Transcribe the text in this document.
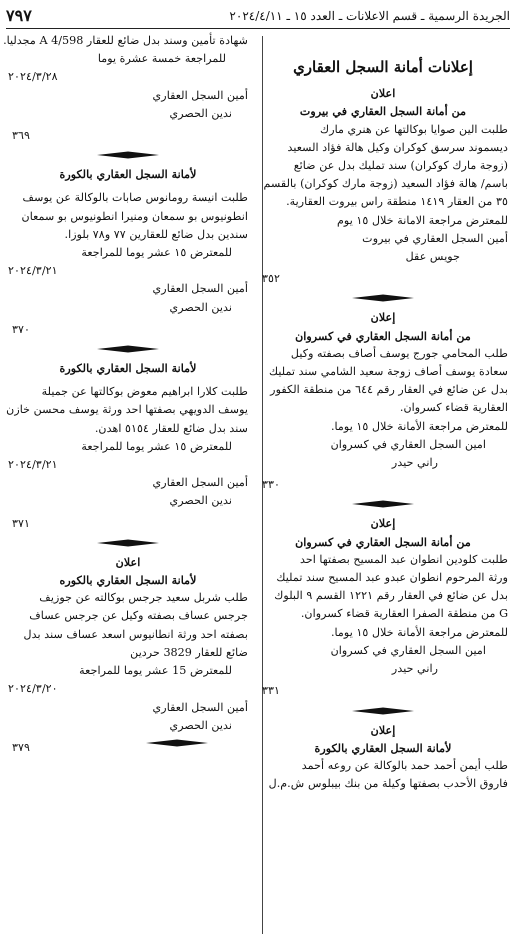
الجريدة الرسمية ـ قسم الاعلانات ـ العدد ١٥ ـ ٢٠٢٤/٤/١١
٧٩٧
إعلانات أمانة السجل العقاري
اعلان
من أمانة السجل العقاري في بيروت
طلبت الين صوايا بوكالتها عن هنري مارك
ديسموند سرسق كوكران وكيل هالة فؤاد السعيد
(زوجة مارك كوكران) سند تمليك بدل عن ضائع
باسم/ هالة فؤاد السعيد (زوجة مارك كوكران) بالقسم
٣٥ من العقار ١٤١٩ منطقة راس بيروت العقارية.
للمعترض مراجعة الامانة خلال ١٥ يوم
أمين السجل العقاري في بيروت
جويس عقل
٣٥٢
إعلان
من أمانة السجل العقاري في كسروان
طلب المحامي جورج يوسف أصاف بصفته وكيل
سعادة يوسف أصاف زوجة سعيد الشامي سند تمليك
بدل عن ضائع في العقار رقم ٦٤٤ من منطقة الكفور
العقارية قضاء كسروان.
للمعترض مراجعة الأمانة خلال ١٥ يوما.
امين السجل العقاري في كسروان
راني حيدر
٣٣٠
إعلان
من أمانة السجل العقاري في كسروان
طلبت كلودين انطوان عبد المسيح بصفتها احد
ورثة المرحوم انطوان عبدو عبد المسيح سند تمليك
بدل عن ضائع في العقار رقم ١٢٢١ القسم ٩ البلوك
G من منطقة الصفرا العقارية قضاء كسروان.
للمعترض مراجعة الأمانة خلال ١٥ يوما.
امين السجل العقاري في كسروان
راني حيدر
٣٣١
إعلان
لأمانة السجل العقاري بالكورة
طلب أيمن أحمد حمد بالوكالة عن روعه أحمد
فاروق الأحدب بصفتها وكيلة من بنك بيبلوس ش.م.ل
شهادة تأمين وسند بدل ضائع للعقار 4/598 A مجدليا.
للمراجعة خمسة عشرة يوما
٢٠٢٤/٣/٢٨
أمين السجل العقاري
ندين الحصري
٣٦٩
لأمانة السجل العقاري بالكورة
طلبت انيسة رومانوس صابات بالوكالة عن يوسف
انطونيوس بو سمعان ومنيرا انطونيوس بو سمعان
سندين بدل ضائع للعقارين ٧٧ و٧٨ بلوزا.
للمعترض ١٥ عشر يوما للمراجعة
٢٠٢٤/٣/٢١
أمين السجل العقاري
ندين الحصري
٣٧٠
لأمانة السجل العقاري بالكورة
طلبت كلارا ابراهيم معوض بوكالتها عن جميلة
يوسف الدويهي بصفتها احد ورثة يوسف محسن خازن
سند بدل ضائع للعقار ٥١٥٤ اهدن.
للمعترض ١٥ عشر يوما للمراجعة
٢٠٢٤/٣/٢١
أمين السجل العقاري
ندين الحصري
٣٧١
اعلان
لأمانة السجل العقاري بالكوره
طلب شربل سعيد جرجس بوكالته عن جوزيف
جرجس عساف بصفته وكيل عن جرجس عساف
بصفته احد ورثة انطانيوس اسعد عساف سند بدل
ضائع للعقار 3829 حردين
للمعترض 15 عشر يوما للمراجعة
٢٠٢٤/٣/٢٠
أمين السجل العقاري
ندين الحصري
٣٧٩
